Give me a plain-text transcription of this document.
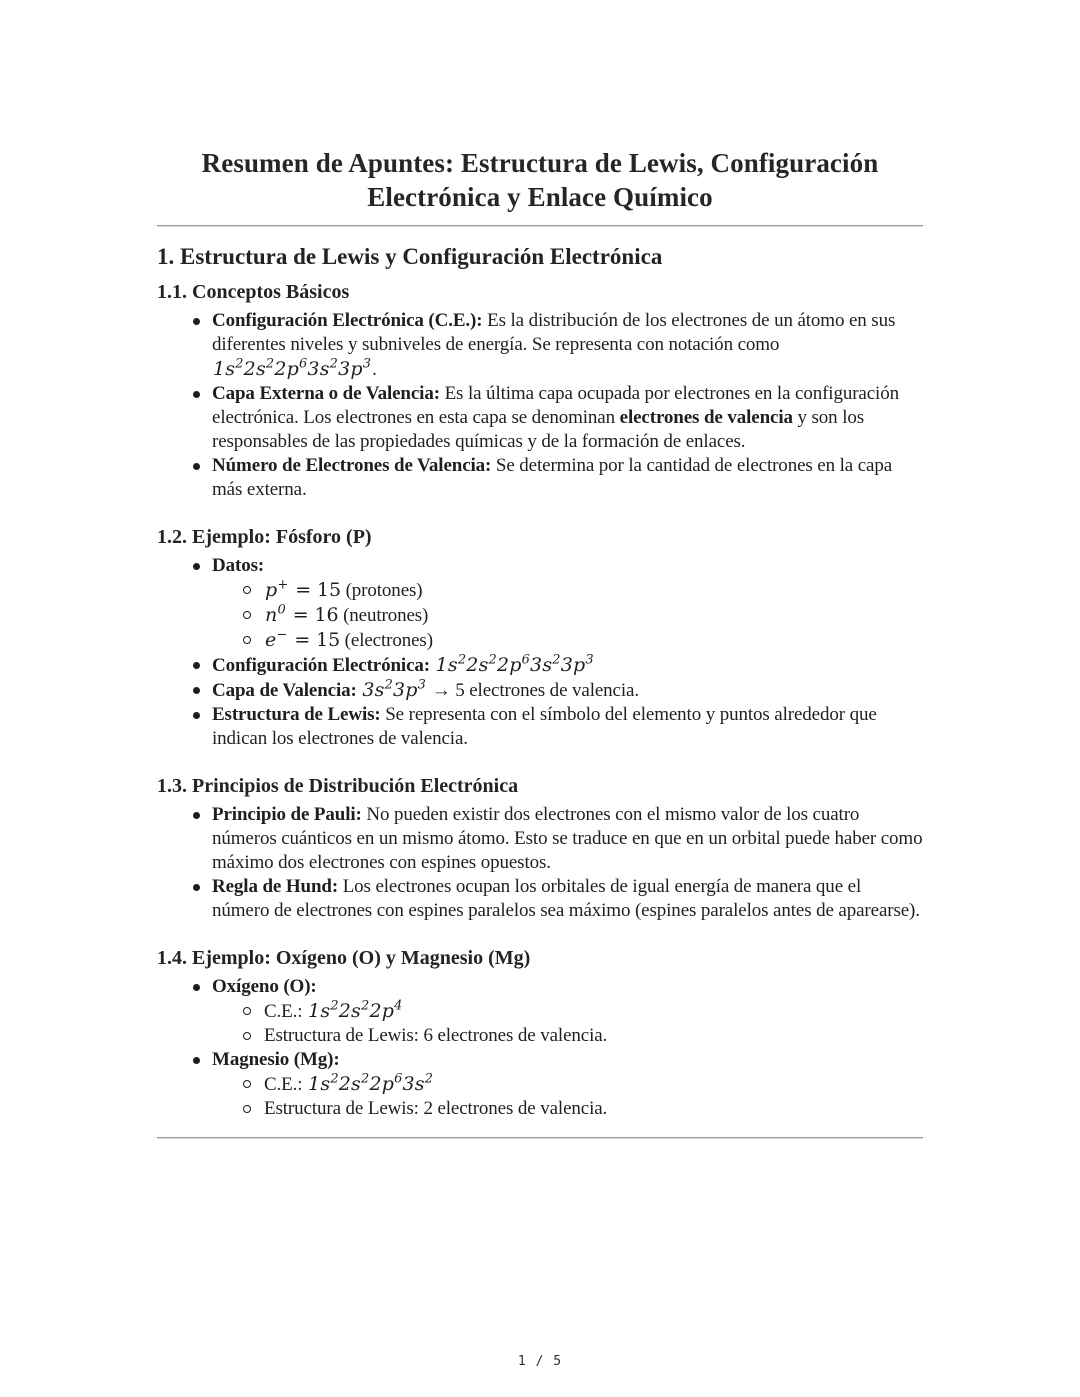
Resumen de Apuntes: Estructura de Lewis, Configuración
Electrónica y Enlace Químico
1. Estructura de Lewis y Configuración Electrónica
1.1. Conceptos Básicos
Configuración Electrónica (C.E.): Es la distribución de los electrones de un átomo en sus diferentes niveles y subniveles de energía. Se representa con notación como $1s^22s^22p^63s^23p^3$.
Capa Externa o de Valencia: Es la última capa ocupada por electrones en la configuración electrónica. Los electrones en esta capa se denominan electrones de valencia y son los responsables de las propiedades químicas y de la formación de enlaces.
Número de Electrones de Valencia: Se determina por la cantidad de electrones en la capa más externa.
1.2. Ejemplo: Fósforo (P)
Datos:
p+ = 15 (protones)
$n^0 = 16$ (neutrones)
e− = 15 (electrones)
Configuración Electrónica: $1s^22s^22p^63s^23p^3$
Capa de Valencia: $3s^23p^3 \to 5$ electrones de valencia.
Estructura de Lewis: Se representa con el símbolo del elemento y puntos alrededor que indican los electrones de valencia.
1.3. Principios de Distribución Electrónica
Principio de Pauli: No pueden existir dos electrones con el mismo valor de los cuatro números cuánticos en un mismo átomo. Esto se traduce en que en un orbital puede haber como máximo dos electrones con espines opuestos.
Regla de Hund: Los electrones ocupan los orbitales de igual energía de manera que el número de electrones con espines paralelos sea máximo (espines paralelos antes de aparearse).
1.4. Ejemplo: Oxígeno (O) y Magnesio (Mg)
Oxígeno (O):
C.E.: $1s^22s^22p^4$
Estructura de Lewis: 6 electrones de valencia.
Magnesio (Mg):
C.E.: $1s^22s^22p^63s^2$
Estructura de Lewis: 2 electrones de valencia.
1 / 5
